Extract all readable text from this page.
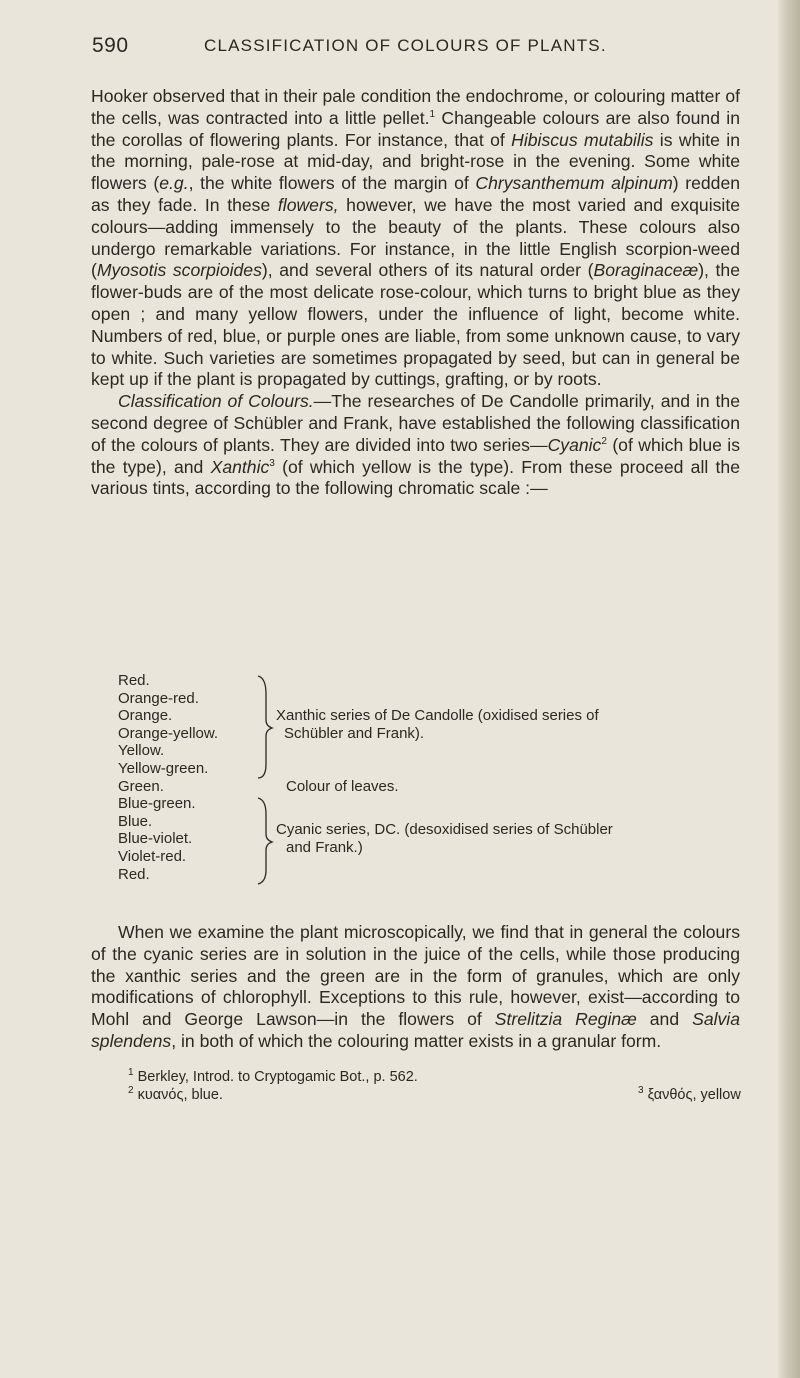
590	CLASSIFICATION OF COLOURS OF PLANTS.

Hooker observed that in their pale condition the endochrome, or colouring matter of the cells, was contracted into a little pellet.$^1$ Changeable colours are also found in the corollas of flowering plants. For instance, that of Hibiscus mutabilis is white in the morning, pale-rose at mid-day, and bright-rose in the evening. Some white flowers (e.g., the white flowers of the margin of Chrysanthemum alpinum) redden as they fade. In these flowers, however, we have the most varied and exquisite colours—adding immensely to the beauty of the plants. These colours also undergo remarkable variations. For instance, in the little English scorpion-weed (Myosotis scorpioides), and several others of its natural order (Boraginaceæ), the flower-buds are of the most delicate rose-colour, which turns to bright blue as they open ; and many yellow flowers, under the influence of light, become white. Numbers of red, blue, or purple ones are liable, from some unknown cause, to vary to white. Such varieties are sometimes propagated by seed, but can in general be kept up if the plant is propagated by cuttings, grafting, or by roots.

Classification of Colours.—The researches of De Candolle primarily, and in the second degree of Schübler and Frank, have established the following classification of the colours of plants. They are divided into two series—Cyanic$^2$ (of which blue is the type), and Xanthic$^3$ (of which yellow is the type). From these proceed all the various tints, according to the following chromatic scale :—

Red.
Orange-red.
Orange.
Orange-yellow.
Yellow.
Yellow-green.
Green.
Blue-green.
Blue.
Blue-violet.
Violet-red.
Red.
Xanthic series of De Candolle (oxidised series of
Schübler and Frank).
Colour of leaves.
Cyanic series, DC. (desoxidised series of Schübler
and Frank.)

When we examine the plant microscopically, we find that in general the colours of the cyanic series are in solution in the juice of the cells, while those producing the xanthic series and the green are in the form of granules, which are only modifications of chlorophyll. Exceptions to this rule, however, exist—according to Mohl and George Lawson—in the flowers of Strelitzia Reginæ and Salvia splendens, in both of which the colouring matter exists in a granular form.

$^1$ Berkley, Introd. to Cryptogamic Bot., p. 562.
$^2$ κυανός, blue.	$^3$ ξανθός, yellow
